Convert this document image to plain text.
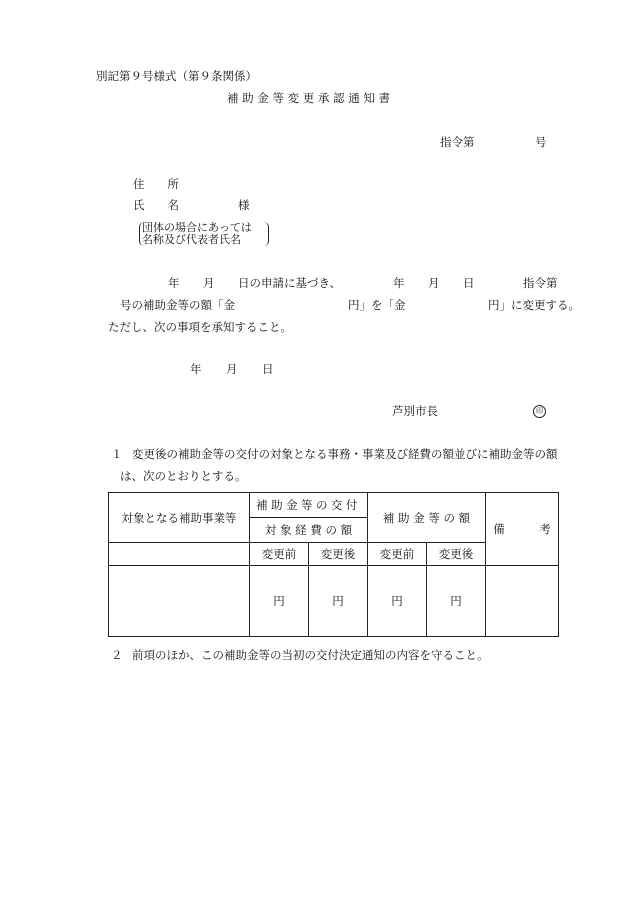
別記第９号様式（第９条関係）
補 助 金 等 変 更 承 認 通 知 書
指令第	号
住　　所
氏　　名	様
団体の場合にあっては
名称及び代表者氏名
年 月 日の申請に基づき、	年 月 日	指令第
号の補助金等の額「金	円」を「金	円」に変更する。
ただし、次の事項を承知すること。
年 月 日
芦別市長	印
１ 変更後の補助金等の交付の対象となる事務・事業及び経費の額並びに補助金等の額
は、次のとおりとする。
対象となる補助事業等	補助金等の交付		補 助 金 等 の 額		備　　　考
	対 象 経 費 の 額				
	変更前	変更後	変更前	変更後	
	円	円	円	円	
２ 前項のほか、この補助金等の当初の交付決定通知の内容を守ること。
